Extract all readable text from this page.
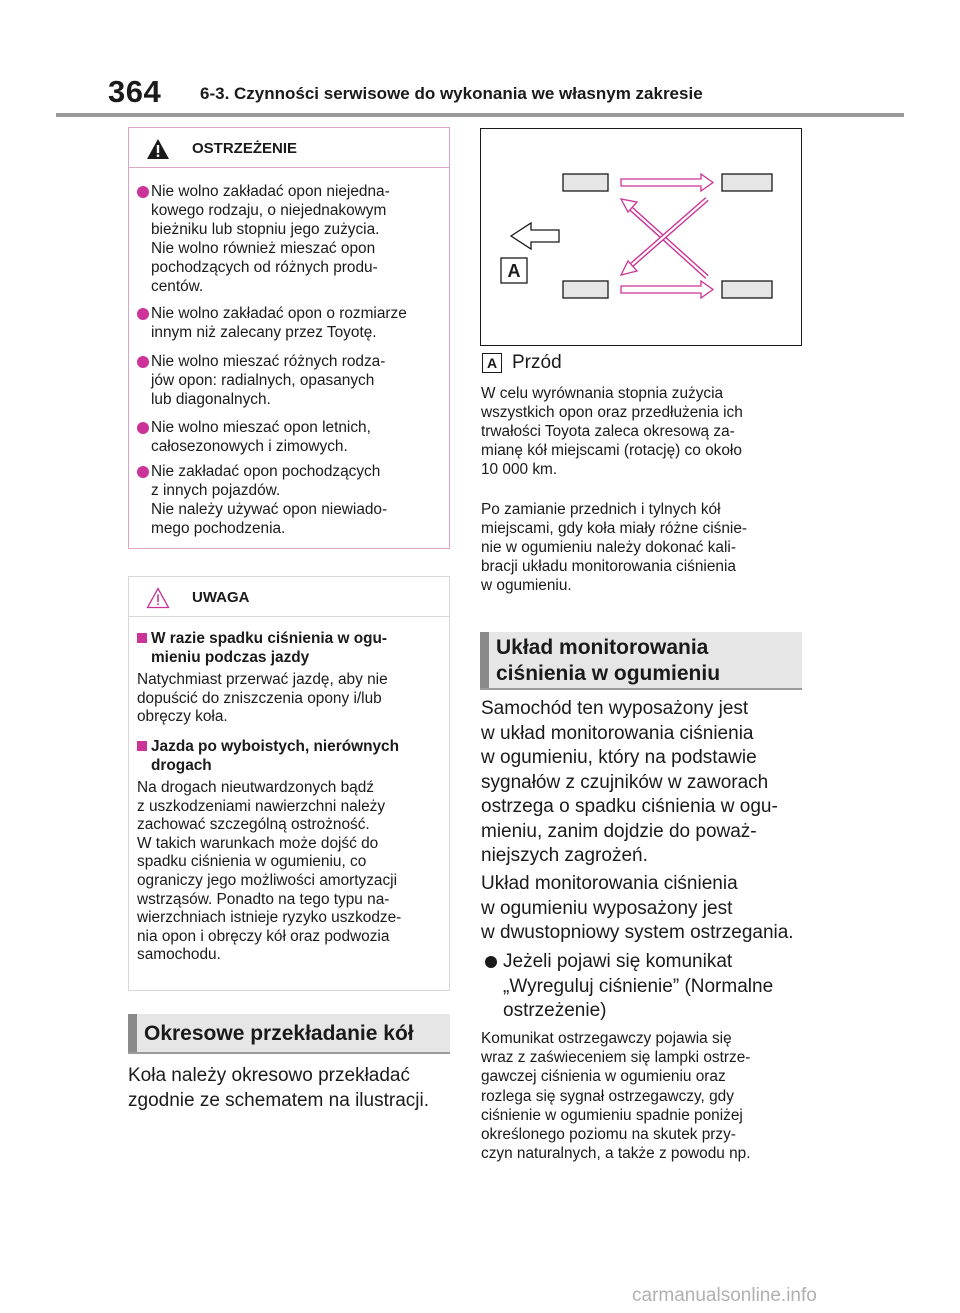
364 6-3. Czynności serwisowe do wykonania we własnym zakresie
OSTRZEŻENIE
Nie wolno zakładać opon niejedna-
kowego rodzaju, o niejednakowym
bieżniku lub stopniu jego zużycia.
Nie wolno również mieszać opon
pochodzących od różnych produ-
centów.
Nie wolno zakładać opon o rozmiarze
innym niż zalecany przez Toyotę.
Nie wolno mieszać różnych rodza-
jów opon: radialnych, opasanych
lub diagonalnych.
Nie wolno mieszać opon letnich,
całosezonowych i zimowych.
Nie zakładać opon pochodzących
z innych pojazdów.
Nie należy używać opon niewiado-
mego pochodzenia.
UWAGA
W razie spadku ciśnienia w ogu-
mieniu podczas jazdy
Natychmiast przerwać jazdę, aby nie
dopuścić do zniszczenia opony i/lub
obręczy koła.
Jazda po wyboistych, nierównych
drogach
Na drogach nieutwardzonych bądź
z uszkodzeniami nawierzchni należy
zachować szczególną ostrożność.
W takich warunkach może dojść do
spadku ciśnienia w ogumieniu, co
ograniczy jego możliwości amortyzacji
wstrząsów. Ponadto na tego typu na-
wierzchniach istnieje ryzyko uszkodze-
nia opon i obręczy kół oraz podwozia
samochodu.
Okresowe przekładanie kół
Koła należy okresowo przekładać
zgodnie ze schematem na ilustracji.
A
A Przód
W celu wyrównania stopnia zużycia
wszystkich opon oraz przedłużenia ich
trwałości Toyota zaleca okresową za-
mianę kół miejscami (rotację) co około
10 000 km.
Po zamianie przednich i tylnych kół
miejscami, gdy koła miały różne ciśnie-
nie w ogumieniu należy dokonać kali-
bracji układu monitorowania ciśnienia
w ogumieniu.
Układ monitorowania
ciśnienia w ogumieniu
Samochód ten wyposażony jest
w układ monitorowania ciśnienia
w ogumieniu, który na podstawie
sygnałów z czujników w zaworach
ostrzega o spadku ciśnienia w ogu-
mieniu, zanim dojdzie do poważ-
niejszych zagrożeń.
Układ monitorowania ciśnienia
w ogumieniu wyposażony jest
w dwustopniowy system ostrzegania.
Jeżeli pojawi się komunikat
„Wyreguluj ciśnienie” (Normalne
ostrzeżenie)
Komunikat ostrzegawczy pojawia się
wraz z zaświeceniem się lampki ostrze-
gawczej ciśnienia w ogumieniu oraz
rozlega się sygnał ostrzegawczy, gdy
ciśnienie w ogumieniu spadnie poniżej
określonego poziomu na skutek przy-
czyn naturalnych, a także z powodu np.
carmanualsonline.info
